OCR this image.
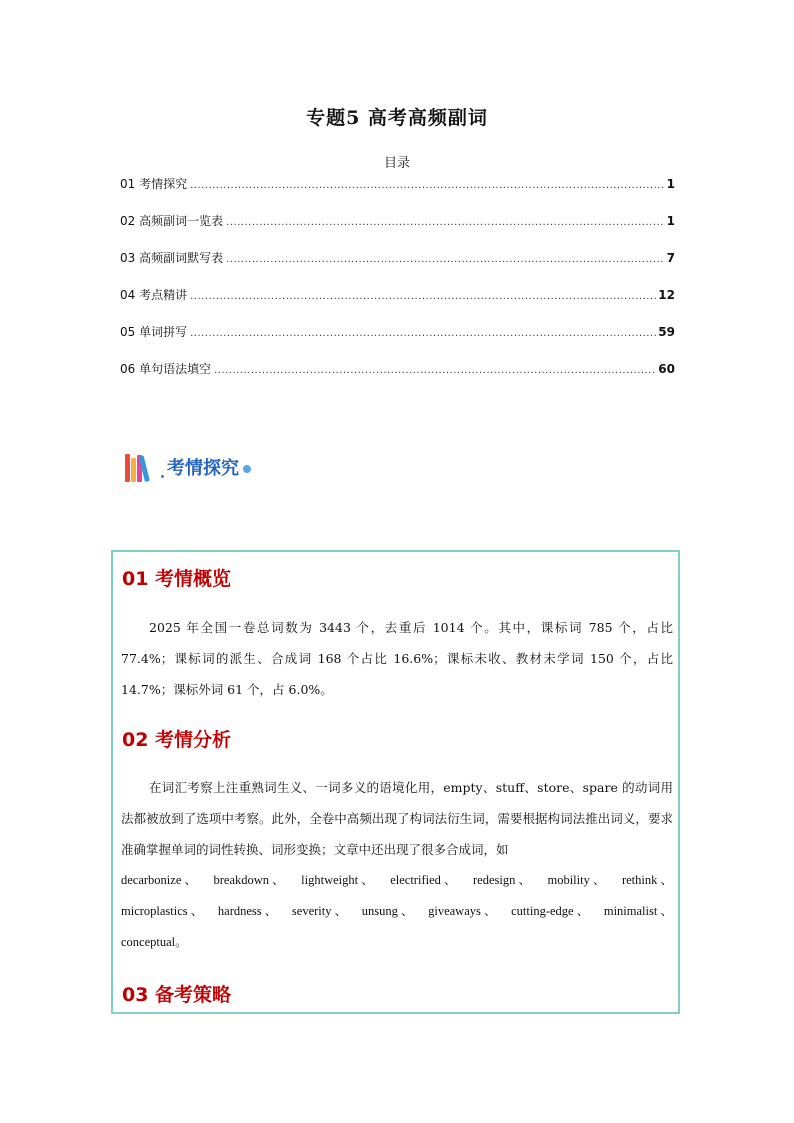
专题5 高考高频副词
目录
01 考情探究 .....	1
02 高频副词一览表 .....	1
03 高频副词默写表 .....	7
04 考点精讲 .....	12
05 单词拼写 .....	59
06 单句语法填空 .....	60
考情探究
01 考情概览
2025 年全国一卷总词数为 3443 个，去重后 1014 个。其中，课标词 785 个，占比 77.4%；课标词的派生、合成词 168 个占比 16.6%；课标未收、教材未学词 150 个，占比 14.7%；课标外词 61 个，占 6.0%。
02 考情分析
在词汇考察上注重熟词生义、一词多义的语境化用，empty、stuff、store、spare 的动词用法都被放到了选项中考察。此外，全卷中高频出现了构词法衍生词，需要根据构词法推出词义，要求准确掌握单词的词性转换、词形变换；文章中还出现了很多合成词，如
decarbonize 、 breakdown 、 lightweight 、 electrified 、 redesign 、 mobility 、 rethink 、
microplastics 、 hardness 、 severity 、 unsung 、 giveaways 、 cutting-edge 、 minimalist 、
conceptual。
03 备考策略
